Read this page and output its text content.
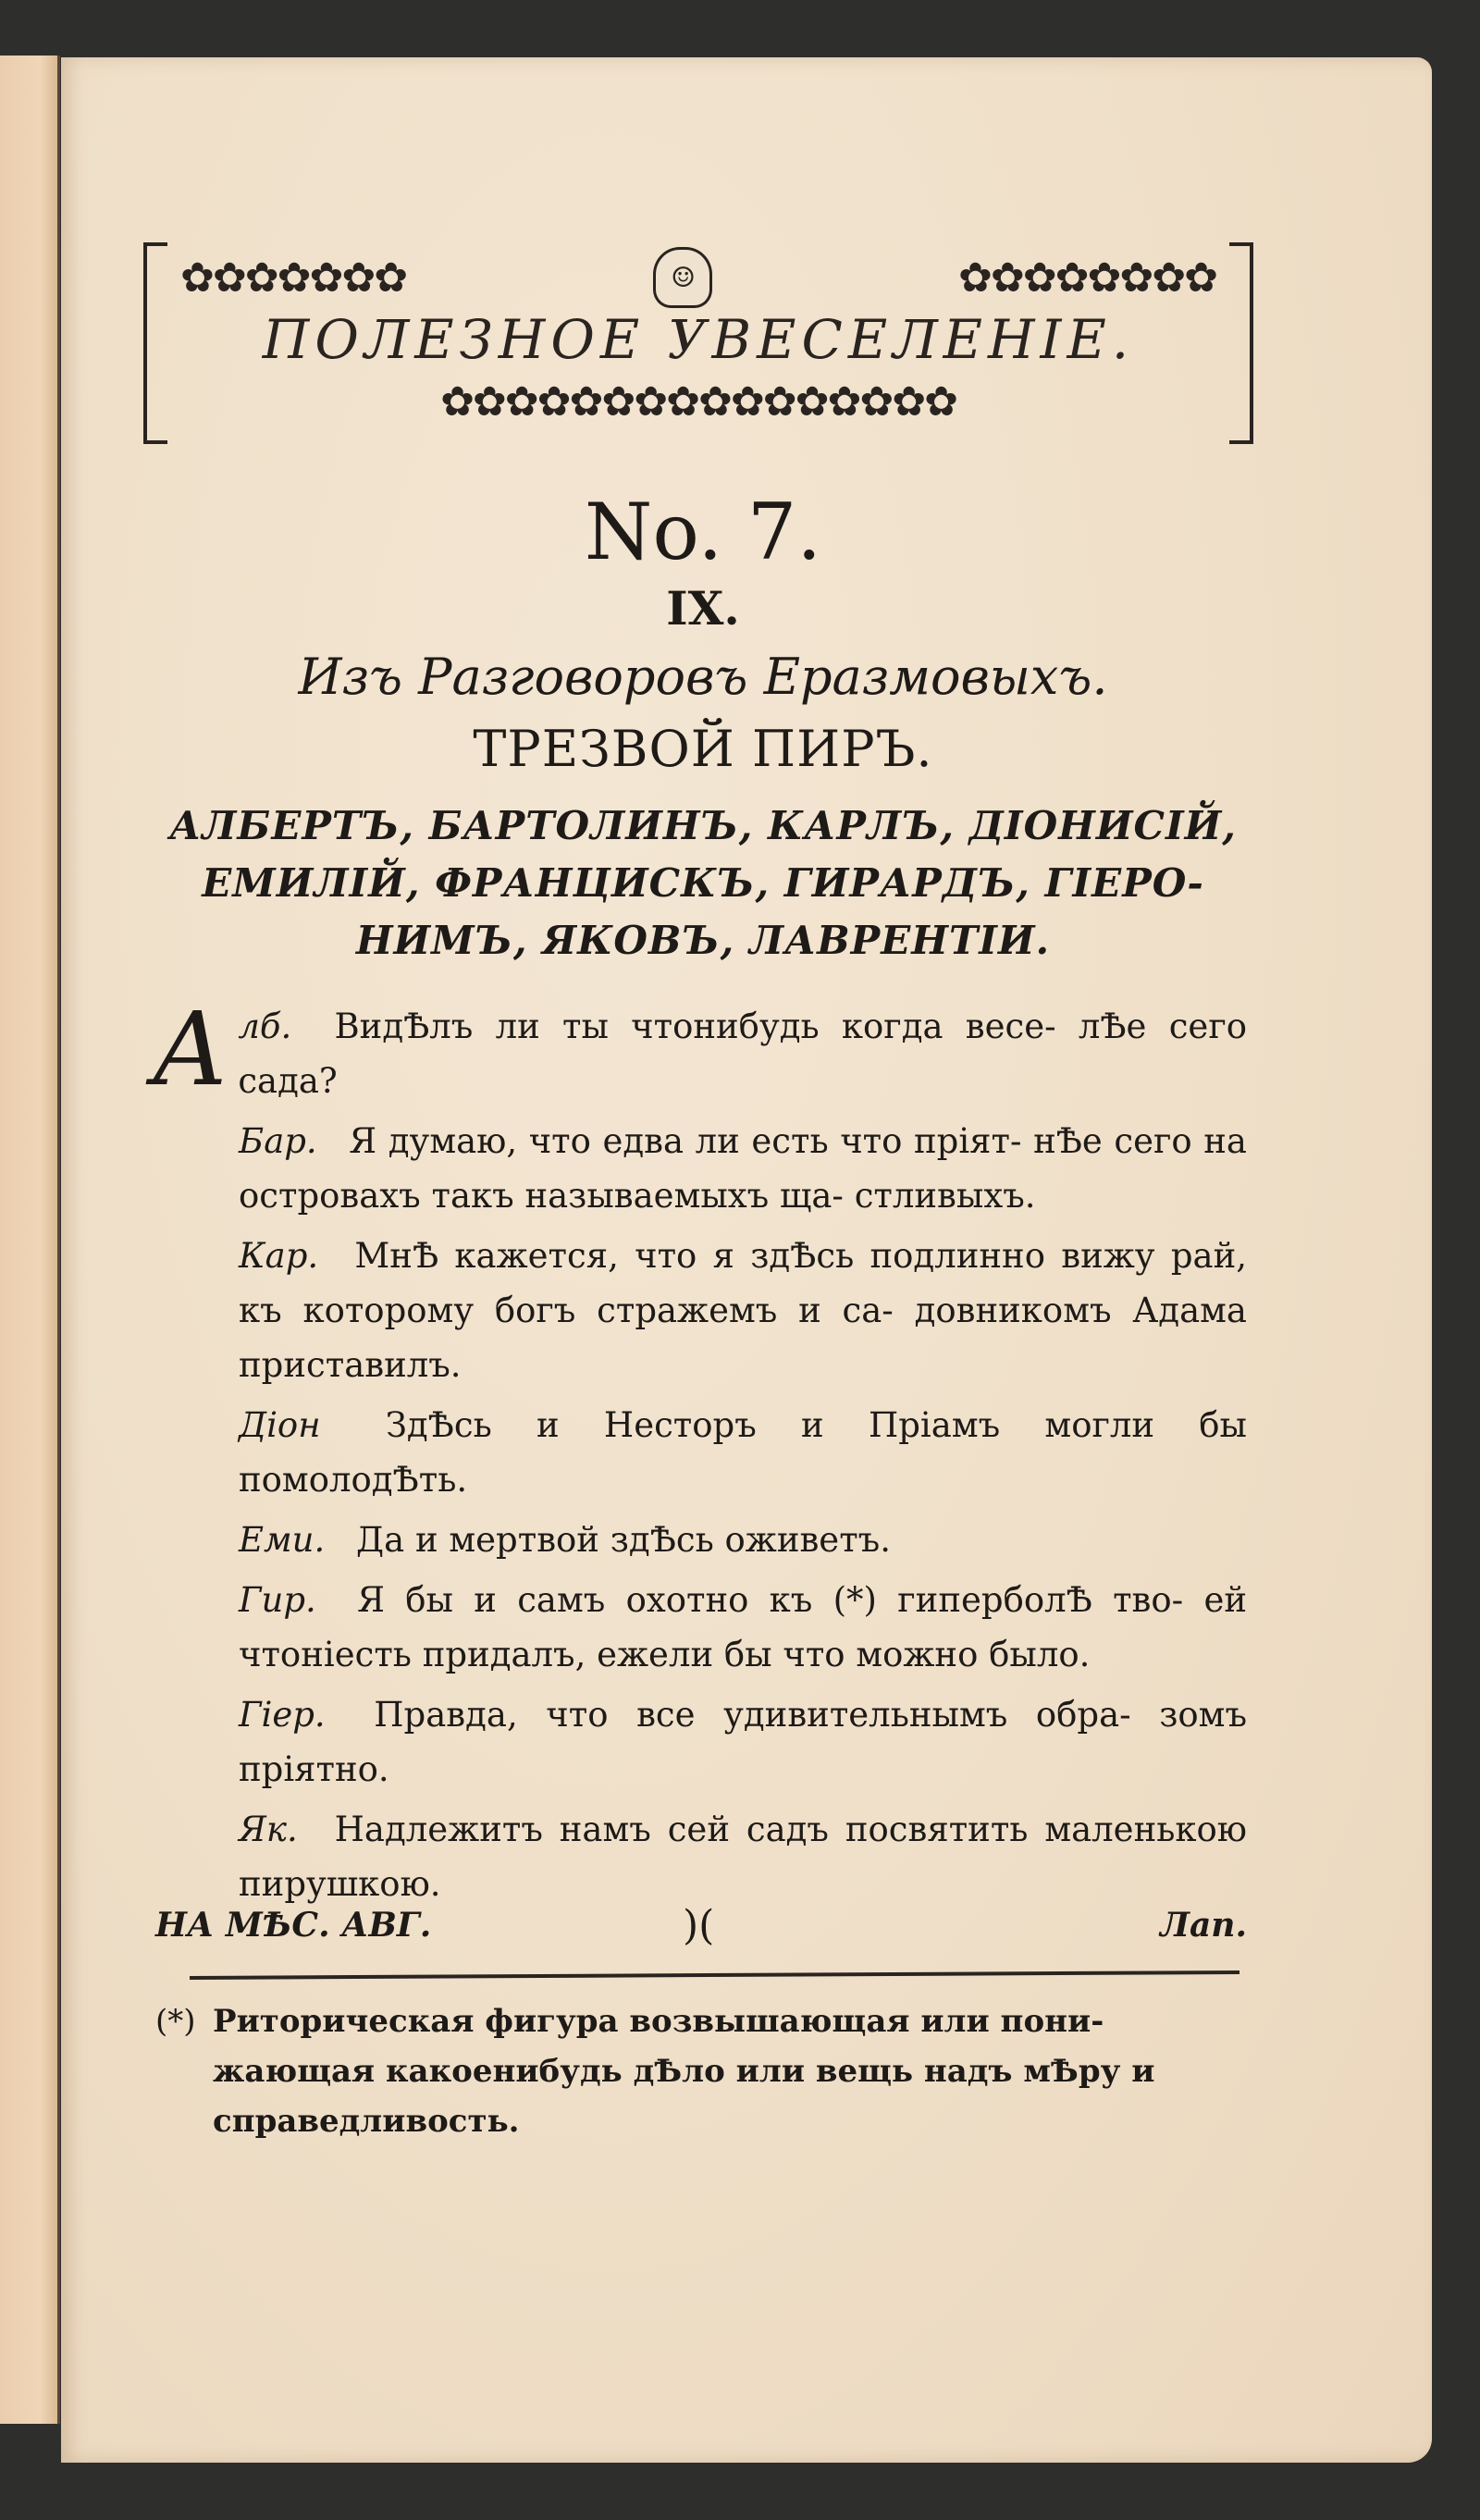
✿✿✿✿✿✿✿	☺	✿✿✿✿✿✿✿✿
ПОЛЕЗНОЕ УВЕСЕЛЕНІЕ.
✿✿✿✿✿✿✿✿✿✿✿✿✿✿✿✿
No. 7.
IX.
Изъ Разговоровъ Еразмовыхъ.
ТРЕЗВОЙ ПИРЪ.
АЛБЕРТЪ, БАРТОЛИНЪ, КАРЛЪ, ДІОНИСІЙ,
ЕМИЛІЙ, ФРАНЦИСКЪ, ГИРАРДЪ, ГІЕРО-
НИМЪ, ЯКОВЪ, ЛАВРЕНТІИ.

А лб. ВидѢлъ ли ты чтонибудь когда весе- лѢе сего сада?

Бар. Я думаю, что едва ли есть что пріят- нѢе сего на островахъ такъ называемыхъ ща- стливыхъ.

Кар. МнѢ кажется, что я здѢсь подлинно вижу рай, къ которому богъ стражемъ и са- довникомъ Адама приставилъ.

Діон ЗдѢсь и Несторъ и Пріамъ могли бы помолодѢть.

Еми. Да и мертвой здѢсь оживетъ.

Гир. Я бы и самъ охотно къ (*) гиперболѢ тво- ей чтоніесть придалъ, ежели бы что можно было.

Гіер. Правда, что все удивительнымъ обра- зомъ пріятно.

Як. Надлежитъ намъ сей садъ посвятить маленькою пирушкою.

НА МѢС. АВГ.	)(	Лап.
(*) Риторическая фигура возвышающая или пони- жающая какоенибудь дѢло или вещь надъ мѢру и справедливость.
